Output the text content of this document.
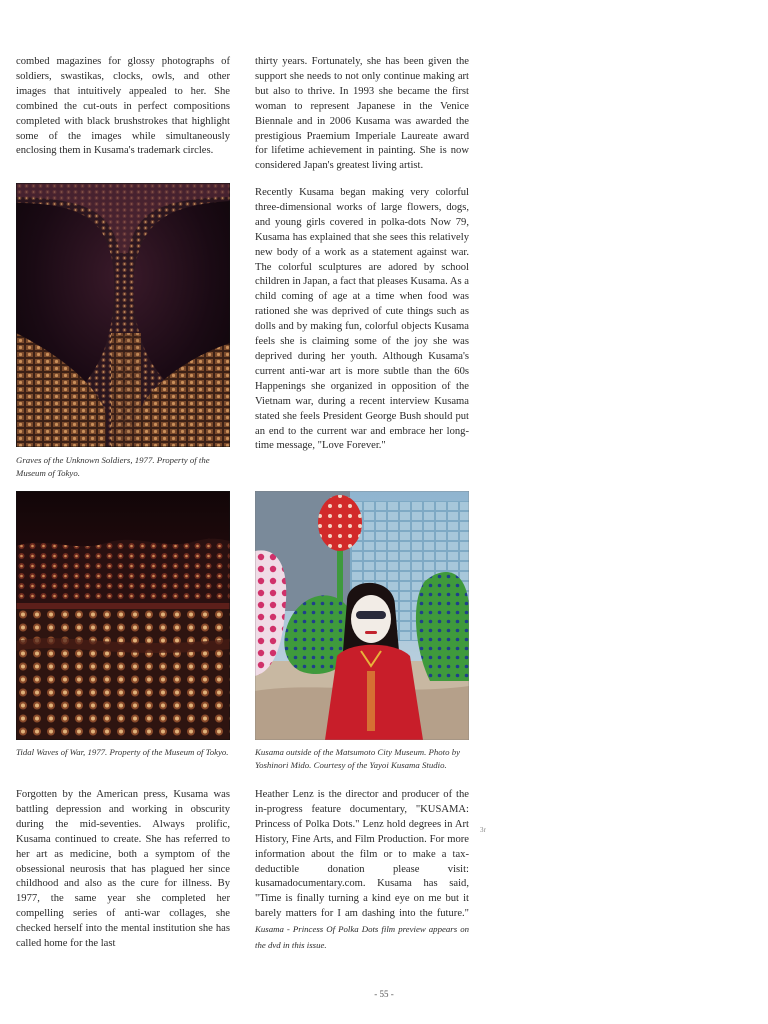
combed magazines for glossy photographs of soldiers, swastikas, clocks, owls, and other images that intuitively appealed to her. She combined the cut-outs in perfect compositions completed with black brushstrokes that highlight some of the images while simultaneously enclosing them in Kusama's trademark circles.
Graves of the Unknown Soldiers, 1977. Property of the Museum of Tokyo.
Tidal Waves of War, 1977. Property of the Museum of Tokyo.
Forgotten by the American press, Kusama was battling depression and working in obscurity during the mid-seventies. Always prolific, Kusama continued to create. She has referred to her art as medicine, both a symptom of the obsessional neurosis that has plagued her since childhood and also as the cure for illness. By 1977, the same year she completed her compelling series of anti-war collages, she checked herself into the mental institution she has called home for the last
thirty years. Fortunately, she has been given the support she needs to not only continue making art but also to thrive. In 1993 she became the first woman to represent Japanese in the Venice Biennale and in 2006 Kusama was awarded the prestigious Praemium Imperiale Laureate award for lifetime achievement in painting. She is now considered Japan's greatest living artist.
Recently Kusama began making very colorful three-dimensional works of large flowers, dogs, and young girls covered in polka-dots Now 79, Kusama has explained that she sees this relatively new body of a work as a statement against war. The colorful sculptures are adored by school children in Japan, a fact that pleases Kusama. As a child coming of age at a time when food was rationed she was deprived of cute things such as dolls and by making fun, colorful objects Kusama feels she is claiming some of the joy she was deprived during her youth. Although Kusama's current anti-war art is more subtle than the 60s Happenings she organized in opposition of the Vietnam war, during a recent interview Kusama stated she feels President George Bush should put an end to the current war and embrace her long-time message, "Love Forever."
Kusama outside of the Matsumoto City Museum. Photo by Yoshinori Mido. Courtesy of the Yayoi Kusama Studio.
Heather Lenz is the director and producer of the in-progress feature documentary, "KUSAMA: Princess of Polka Dots." Lenz hold degrees in Art History, Fine Arts, and Film Production. For more information about the film or to make a tax-deductible donation please visit: kusamadocumentary.com. Kusama has said, "Time is finally turning a kind eye on me but it barely matters for I am dashing into the future." Kusama - Princess Of Polka Dots film preview appears on the dvd in this issue.
3r
- 55 -
